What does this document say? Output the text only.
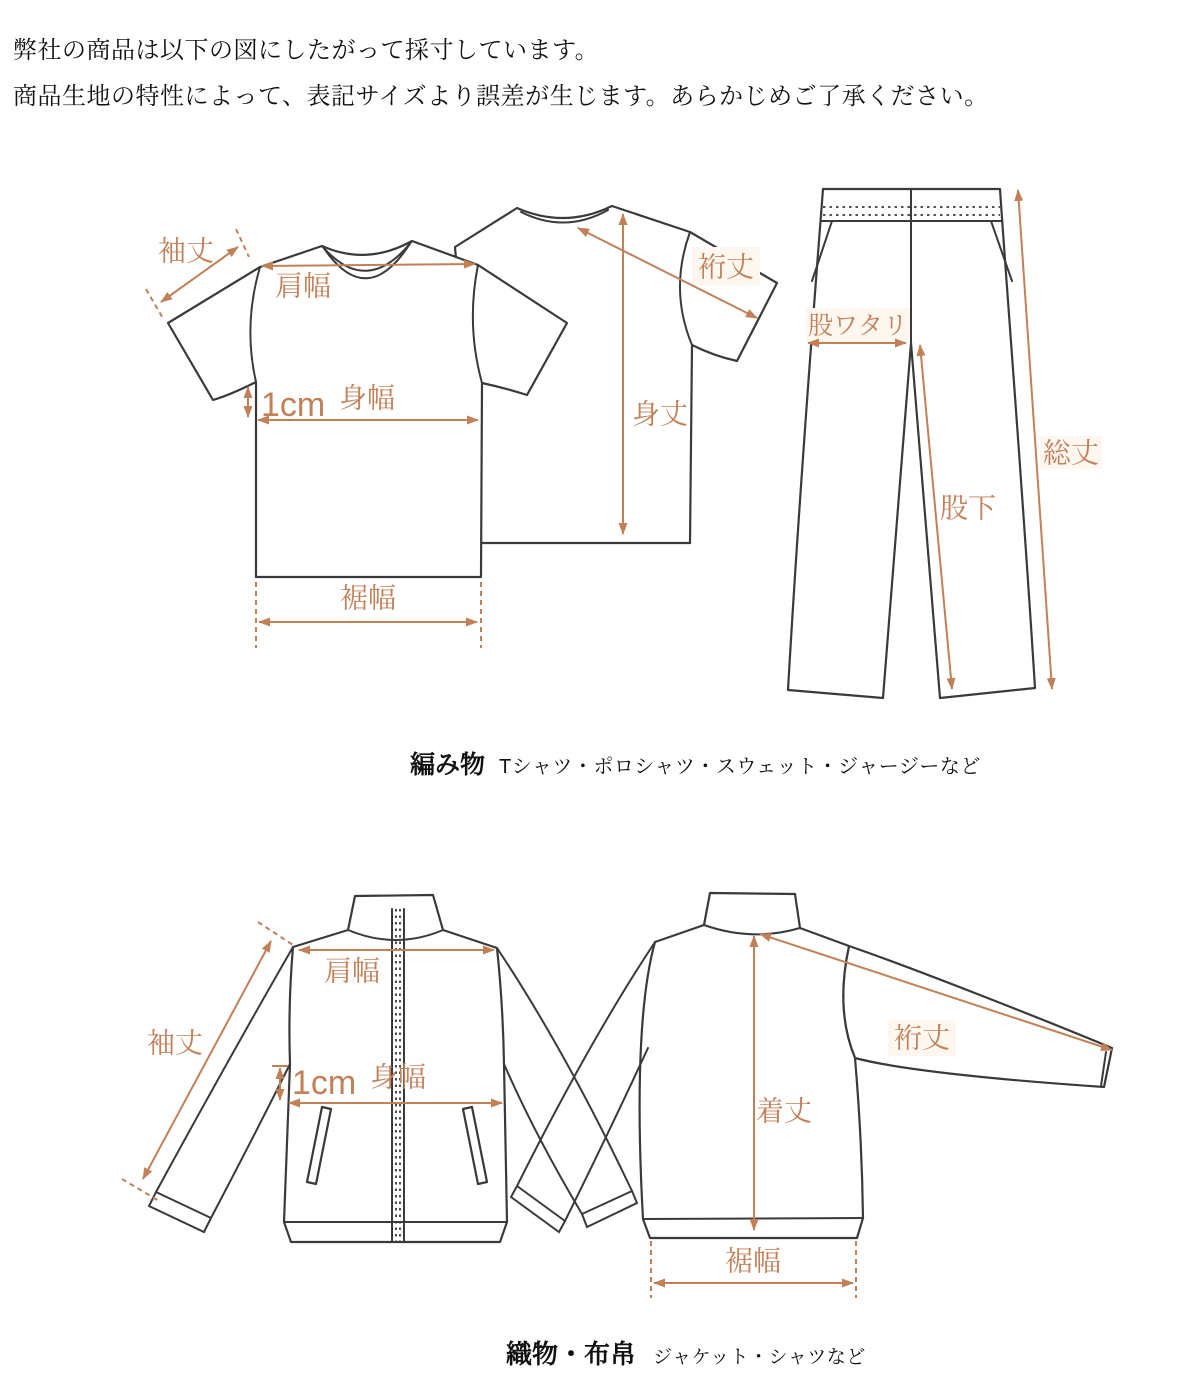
弊社の商品は以下の図にしたがって採寸しています。
商品生地の特性によって、表記サイズより誤差が生じます。あらかじめご了承ください。
袖丈
肩幅
1cm 身幅
裾幅
裄丈
身丈
股ワタリ
股下
総丈
肩幅
袖丈
1cm 身幅
裄丈
着丈
裾幅
編み物 Tシャツ・ポロシャツ・スウェット・ジャージーなど
織物・布帛 ジャケット・シャツなど
